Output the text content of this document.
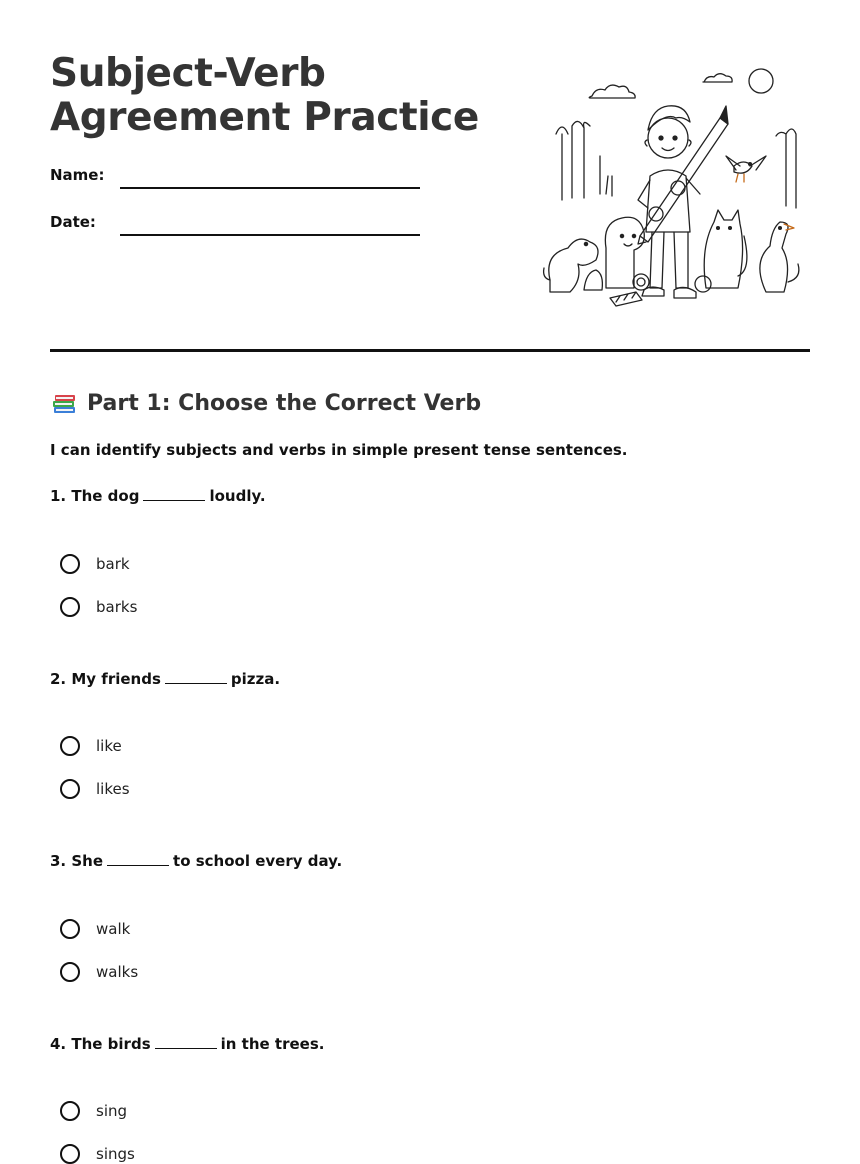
Subject-Verb
Agreement Practice
Name:
Date:
Part 1: Choose the Correct Verb
I can identify subjects and verbs in simple present tense sentences.
1. The dog	loudly.
bark
barks
2. My friends	pizza.
like
likes
3. She	to school every day.
walk
walks
4. The birds	in the trees.
sing
sings
